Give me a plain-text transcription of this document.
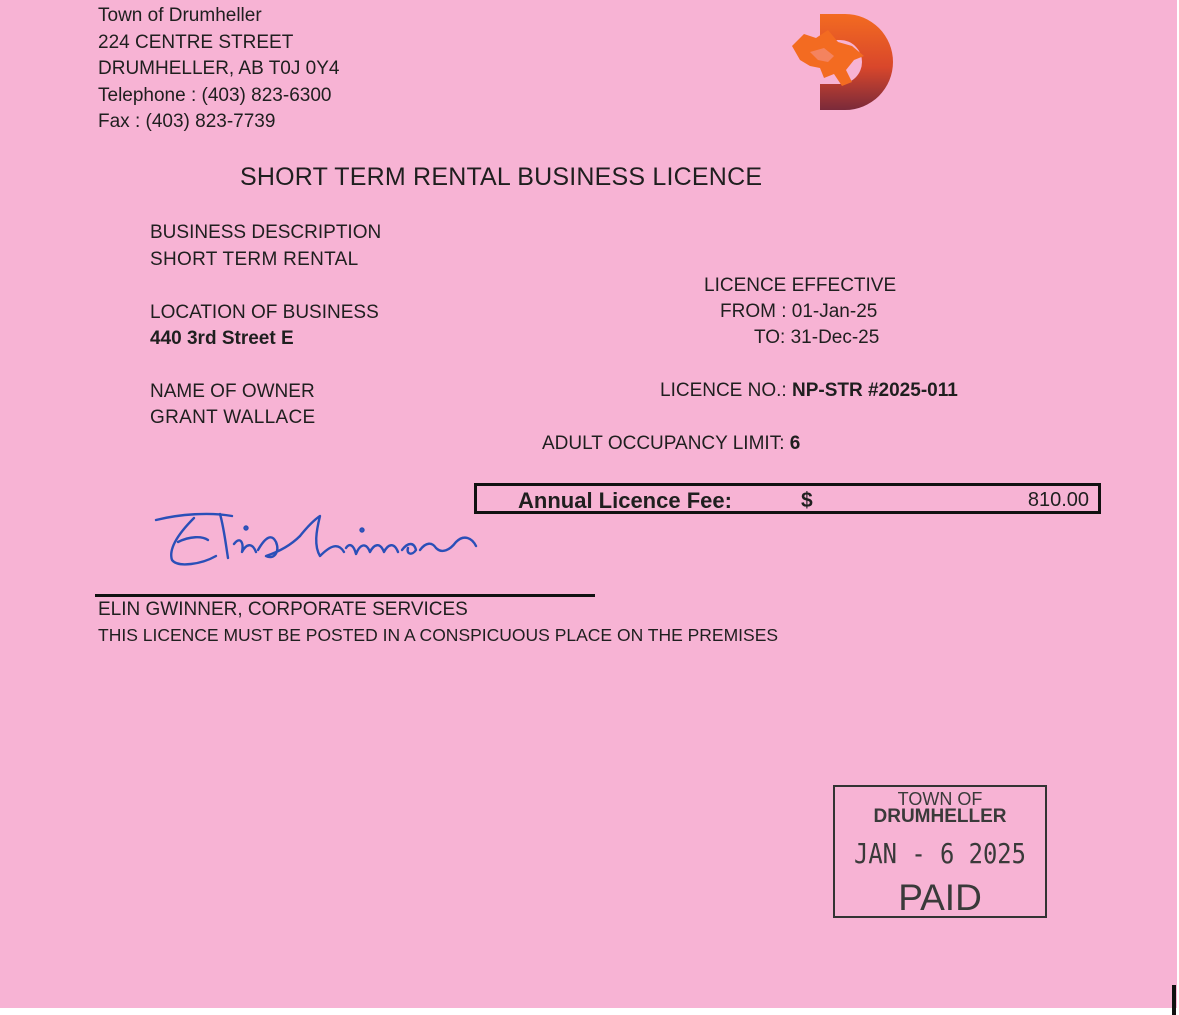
Town of Drumheller
224 CENTRE STREET
DRUMHELLER, AB T0J 0Y4
Telephone : (403) 823-6300
Fax : (403) 823-7739
SHORT TERM RENTAL BUSINESS LICENCE
BUSINESS DESCRIPTION
SHORT TERM RENTAL
LOCATION OF BUSINESS
440 3rd Street E
NAME OF OWNER
GRANT WALLACE
LICENCE EFFECTIVE
FROM : 01-Jan-25
TO: 31-Dec-25
LICENCE NO.: NP-STR #2025-011
ADULT OCCUPANCY LIMIT: 6
Annual Licence Fee:	$	810.00
ELIN GWINNER, CORPORATE SERVICES
THIS LICENCE MUST BE POSTED IN A CONSPICUOUS PLACE ON THE PREMISES
TOWN OF
DRUMHELLER
JAN - 6 2025
PAID
